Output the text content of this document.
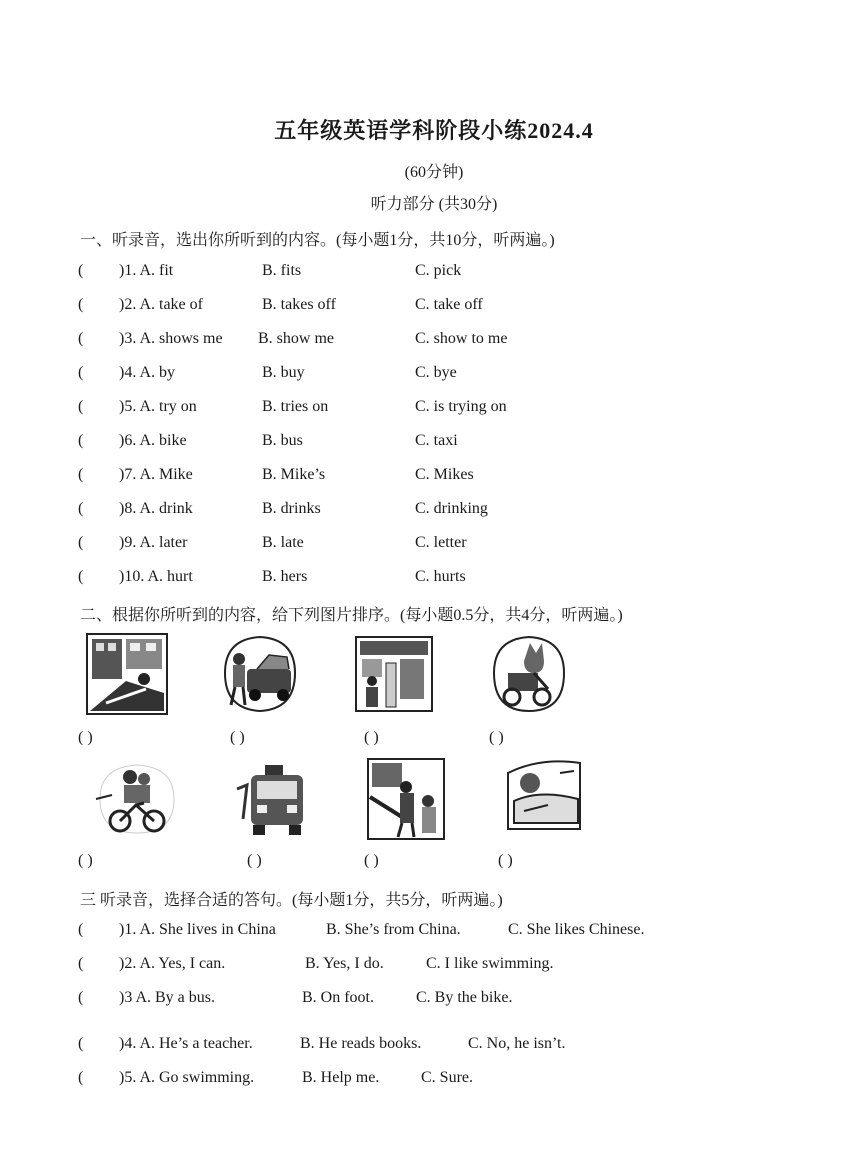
五年级英语学科阶段小练2024.4
(60分钟)
听力部分 (共30分)
一、听录音，选出你所听到的内容。(每小题1分，共10分，听两遍。)
( )1. A. fit	B. fits	C. pick
( )2. A. take of	B. takes off	C. take off
( )3. A. shows me B. show me	C. show to me
( )4. A. by	B. buy	C. bye
( )5. A. try on	B. tries on	C. is trying on
( )6. A. bike	B. bus	C. taxi
( )7. A. Mike	B. Mike’s	C. Mikes
( )8. A. drink	B. drinks	C. drinking
( )9. A. later	B. late	C. letter
( )10. A. hurt	B. hers	C. hurts
二、根据你所听到的内容，给下列图片排序。(每小题0.5分，共4分，听两遍。)
( )	( )	( )	( )
( )	( )	( )	( )
三 听录音，选择合适的答句。(每小题1分，共5分，听两遍。)
( )1. A. She lives in China	B. She’s from China.	C. She likes Chinese.
( )2. A. Yes, I can.	B. Yes, I do.	C. I like swimming.
( )3 A. By a bus.	B. On foot.	C. By the bike.
( )4. A. He’s a teacher.	B. He reads books.	C. No, he isn’t.
( )5. A. Go swimming.	B. Help me.	C. Sure.
